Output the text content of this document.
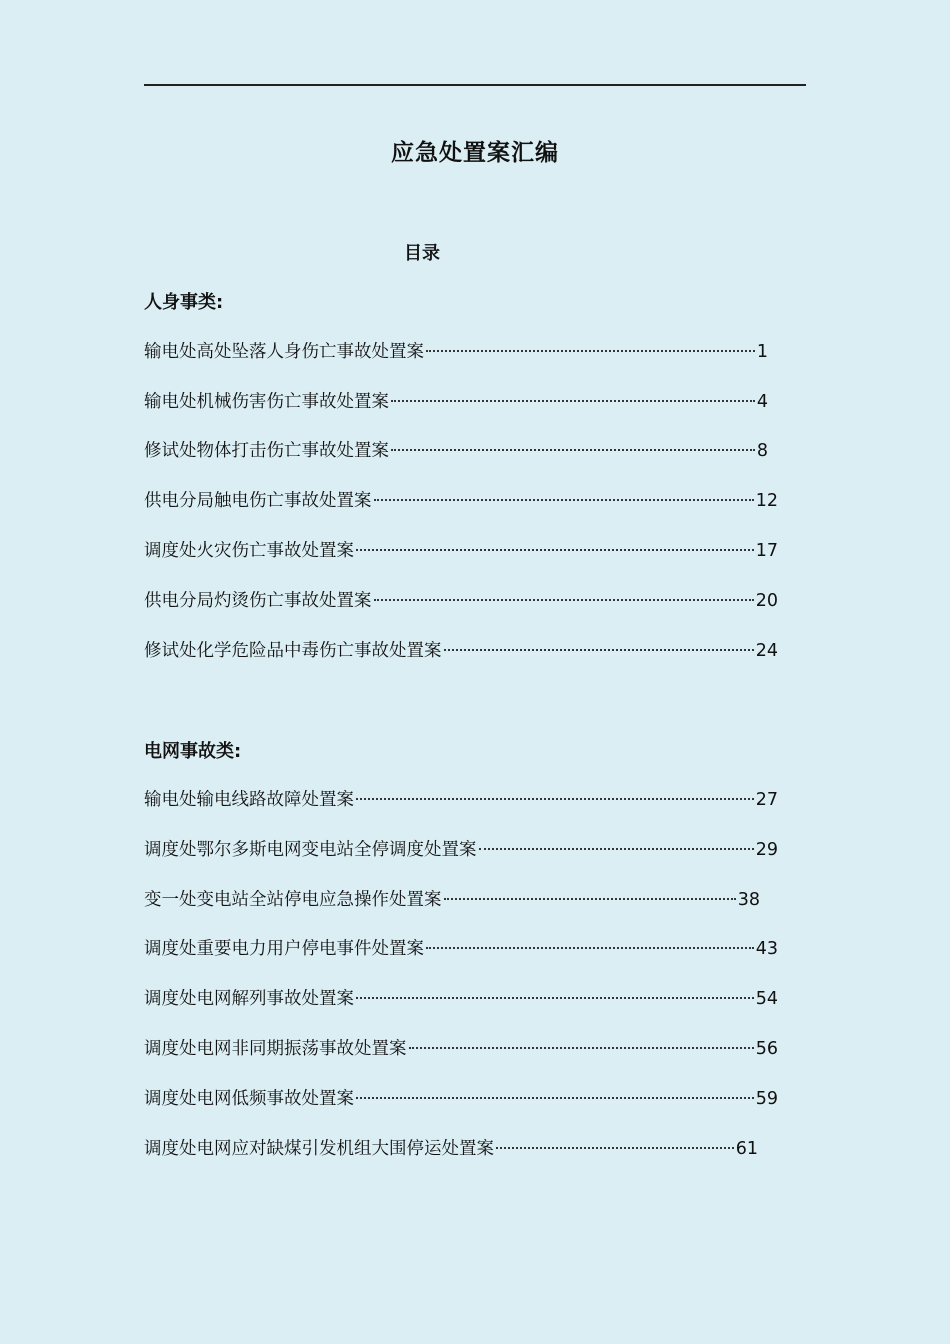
应急处置案汇编
目录
人身事类:
输电处高处坠落人身伤亡事故处置案	1
输电处机械伤害伤亡事故处置案	4
修试处物体打击伤亡事故处置案	8
供电分局触电伤亡事故处置案	12
调度处火灾伤亡事故处置案	17
供电分局灼烫伤亡事故处置案	20
修试处化学危险品中毒伤亡事故处置案	24
电网事故类:
输电处输电线路故障处置案	27
调度处鄂尔多斯电网变电站全停调度处置案	29
变一处变电站全站停电应急操作处置案	38
调度处重要电力用户停电事件处置案	43
调度处电网解列事故处置案	54
调度处电网非同期振荡事故处置案	56
调度处电网低频事故处置案	59
调度处电网应对缺煤引发机组大围停运处置案	61
